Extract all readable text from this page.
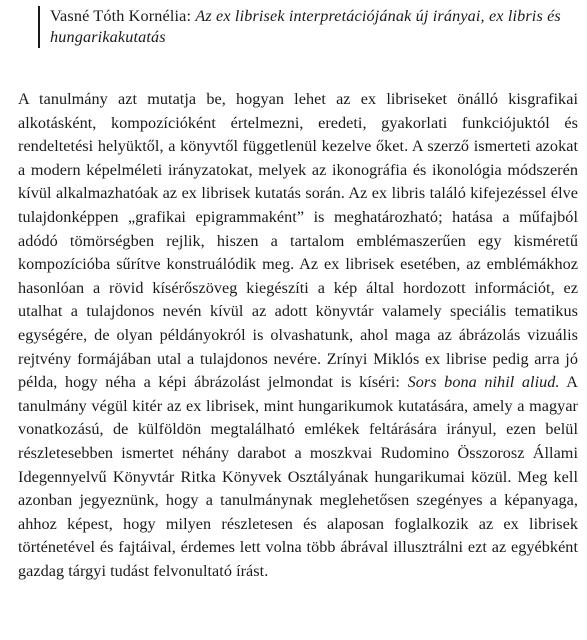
Vasné Tóth Kornélia: Az ex librisek interpretációjának új irányai, ex libris és hungarikakutatás

A tanulmány azt mutatja be, hogyan lehet az ex libriseket önálló kisgrafikai alkotásként, kompozícióként értelmezni, eredeti, gyakorlati funkciójuktól és rendeltetési helyüktől, a könyvtől függetlenül kezelve őket. A szerző ismerteti azokat a modern képelméleti irányzatokat, melyek az ikonográfia és ikonológia módszerén kívül alkalmazhatóak az ex librisek kutatás során. Az ex libris találó kifejezéssel élve tulajdonképpen „grafikai epigrammaként” is meghatározható; hatása a műfajból adódó tömörségben rejlik, hiszen a tartalom emblémaszerűen egy kisméretű kompozícióba sűrítve konstruálódik meg. Az ex librisek esetében, az emblémákhoz hasonlóan a rövid kísérőszöveg kiegészíti a kép által hordozott információt, ez utalhat a tulajdonos nevén kívül az adott könyvtár valamely speciális tematikus egységére, de olyan példányokról is olvashatunk, ahol maga az ábrázolás vizuális rejtvény formájában utal a tulajdonos nevére. Zrínyi Miklós ex librise pedig arra jó példa, hogy néha a képi ábrázolást jelmondat is kíséri: Sors bona nihil aliud. A tanulmány végül kitér az ex librisek, mint hungarikumok kutatására, amely a magyar vonatkozású, de külföldön megtalálható emlékek feltárására irányul, ezen belül részletesebben ismertet néhány darabot a moszkvai Rudomino Összorosz Állami Idegennyelvű Könyvtár Ritka Könyvek Osztályának hungarikumai közül. Meg kell azonban jegyeznünk, hogy a tanulmánynak meglehetősen szegényes a képanyaga, ahhoz képest, hogy milyen részletesen és alaposan foglalkozik az ex librisek történetével és fajtáival, érdemes lett volna több ábrával illusztrálni ezt az egyébként gazdag tárgyi tudást felvonultató írást.
